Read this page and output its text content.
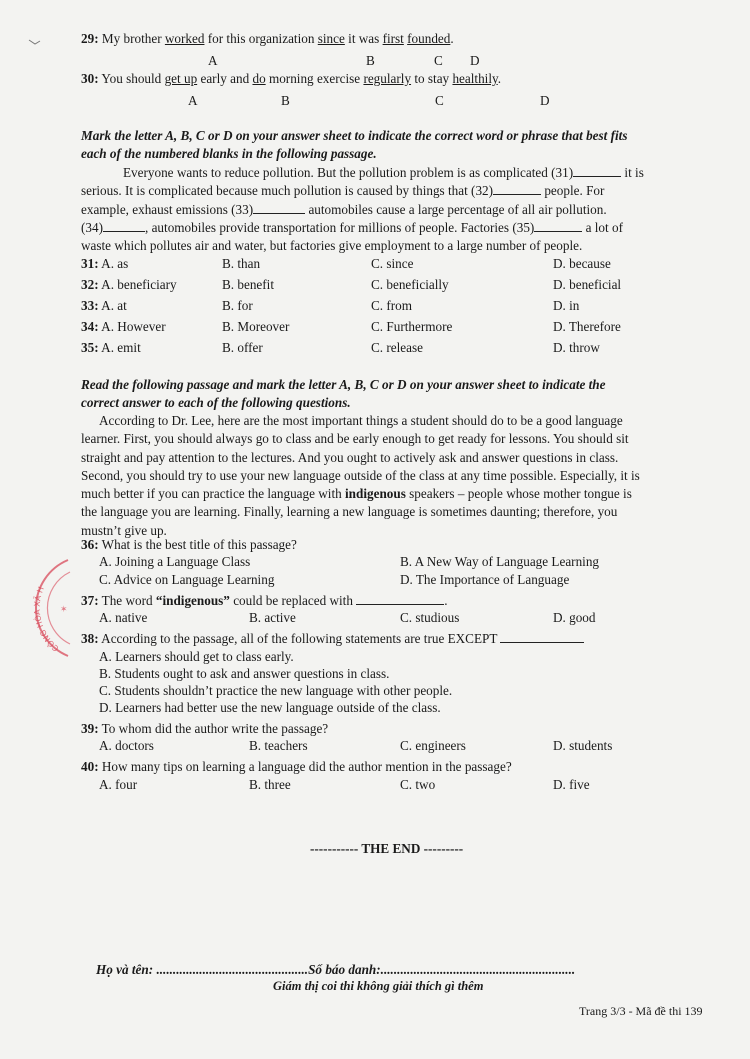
29: My brother worked for this organization since it was first founded.
A	B	C D
30: You should get up early and do morning exercise regularly to stay healthily.
A	B	C	D
Mark the letter A, B, C or D on your answer sheet to indicate the correct word or phrase that best fits
each of the numbered blanks in the following passage.
Everyone wants to reduce pollution. But the pollution problem is as complicated (31)	it is
serious. It is complicated because much pollution is caused by things that (32)	people. For
example, exhaust emissions (33)	automobiles cause a large percentage of all air pollution.
(34)	, automobiles provide transportation for millions of people. Factories (35)	a lot of
waste which pollutes air and water, but factories give employment to a large number of people.
31: A. as	B. than	C. since	D. because
32: A. beneficiary	B. benefit	C. beneficially	D. beneficial
33: A. at	B. for	C. from	D. in
34: A. However	B. Moreover	C. Furthermore	D. Therefore
35: A. emit	B. offer	C. release	D. throw
Read the following passage and mark the letter A, B, C or D on your answer sheet to indicate the
correct answer to each of the following questions.
According to Dr. Lee, here are the most important things a student should do to be a good language
learner. First, you should always go to class and be early enough to get ready for lessons. You should sit
straight and pay attention to the lectures. And you ought to actively ask and answer questions in class.
Second, you should try to use your new language outside of the class at any time possible. Especially, it is
much better if you can practice the language with indigenous speakers – people whose mother tongue is
the language you are learning. Finally, learning a new language is sometimes daunting; therefore, you
mustn’t give up.
36: What is the best title of this passage?
A. Joining a Language Class	B. A New Way of Language Learning
C. Advice on Language Learning	D. The Importance of Language
37: The word “indigenous” could be replaced with	.
A. native	B. active	C. studious	D. good
38: According to the passage, all of the following statements are true EXCEPT
A. Learners should get to class early.
B. Students ought to ask and answer questions in class.
C. Students shouldn’t practice the new language with other people.
D. Learners had better use the new language outside of the class.
39: To whom did the author write the passage?
A. doctors	B. teachers	C. engineers	D. students
40: How many tips on learning a language did the author mention in the passage?
A. four	B. three	C. two	D. five
----------- THE END ---------
Họ và tên: ..............................................Số báo danh:...........................................................
Giám thị coi thi không giải thích gì thêm
Trang 3/3 - Mã đề thi 139
CÔNG HÒA XÃ H
✶
